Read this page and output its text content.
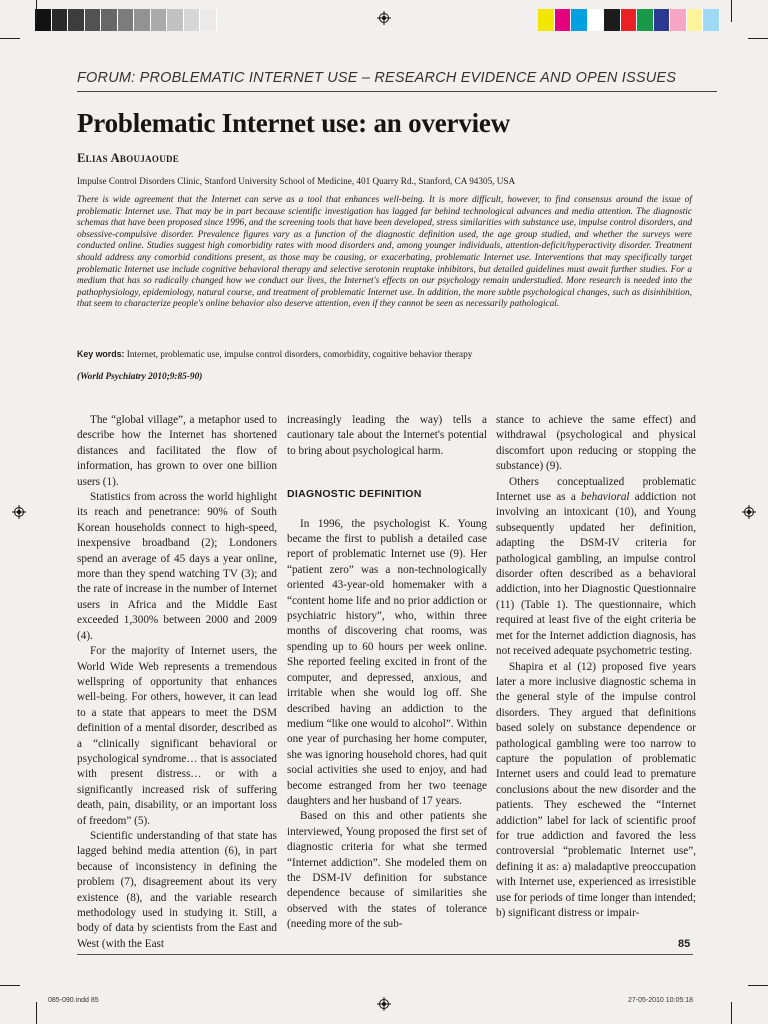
FORUM: PROBLEMATIC INTERNET USE – RESEARCH EVIDENCE AND OPEN ISSUES
Problematic Internet use: an overview
Elias Aboujaoude
Impulse Control Disorders Clinic, Stanford University School of Medicine, 401 Quarry Rd., Stanford, CA 94305, USA

There is wide agreement that the Internet can serve as a tool that enhances well-being. It is more difficult, however, to find consensus around the issue of problematic Internet use. That may be in part because scientific investigation has lagged far behind technological advances and media attention. The diagnostic schemas that have been proposed since 1996, and the screening tools that have been developed, stress similarities with substance use, impulse control disorders, and obsessive-compulsive disorder. Prevalence figures vary as a function of the diagnostic definition used, the age group studied, and whether the surveys were conducted online. Studies suggest high comorbidity rates with mood disorders and, among younger individuals, attention-deficit/hyperactivity disorder. Treatment should address any comorbid conditions present, as those may be causing, or exacerbating, problematic Internet use. Interventions that may specifically target problematic Internet use include cognitive behavioral therapy and selective serotonin reuptake inhibitors, but detailed guidelines must await further studies. For a medium that has so radically changed how we conduct our lives, the Internet's effects on our psychology remain understudied. More research is needed into the pathophysiology, epidemiology, natural course, and treatment of problematic Internet use. In addition, the more subtle psychological changes, such as disinhibition, that seem to characterize people's online behavior also deserve attention, even if they cannot be seen as necessarily pathological.

Key words: Internet, problematic use, impulse control disorders, comorbidity, cognitive behavior therapy
(World Psychiatry 2010;9:85-90)

The “global village”, a metaphor used to describe how the Internet has shortened distances and facilitated the flow of information, has grown to over one billion users (1).

Statistics from across the world highlight its reach and penetrance: 90% of South Korean households connect to high-speed, inexpensive broadband (2); Londoners spend an average of 45 days a year online, more than they spend watching TV (3); and the rate of increase in the number of Internet users in Africa and the Middle East exceeded 1,300% between 2000 and 2009 (4).

For the majority of Internet users, the World Wide Web represents a tremendous wellspring of opportunity that enhances well-being. For others, however, it can lead to a state that appears to meet the DSM definition of a mental disorder, described as a “clinically significant behavioral or psychological syndrome… that is associated with present distress… or with a significantly increased risk of suffering death, pain, disability, or an important loss of freedom” (5).

Scientific understanding of that state has lagged behind media attention (6), in part because of inconsistency in defining the problem (7), disagreement about its very existence (8), and the variable research methodology used in studying it. Still, a body of data by scientists from the East and West (with the East

increasingly leading the way) tells a cautionary tale about the Internet's potential to bring about psychological harm.

DIAGNOSTIC DEFINITION

In 1996, the psychologist K. Young became the first to publish a detailed case report of problematic Internet use (9). Her “patient zero” was a non-technologically oriented 43-year-old homemaker with a “content home life and no prior addiction or psychiatric history”, who, within three months of discovering chat rooms, was spending up to 60 hours per week online. She reported feeling excited in front of the computer, and depressed, anxious, and irritable when she would log off. She described having an addiction to the medium “like one would to alcohol”. Within one year of purchasing her home computer, she was ignoring household chores, had quit social activities she used to enjoy, and had become estranged from her two teenage daughters and her husband of 17 years.

Based on this and other patients she interviewed, Young proposed the first set of diagnostic criteria for what she termed “Internet addiction”. She modeled them on the DSM-IV definition for substance dependence because of similarities she observed with the states of tolerance (needing more of the sub-

stance to achieve the same effect) and withdrawal (psychological and physical discomfort upon reducing or stopping the substance) (9).

Others conceptualized problematic Internet use as a behavioral addiction not involving an intoxicant (10), and Young subsequently updated her definition, adapting the DSM-IV criteria for pathological gambling, an impulse control disorder often described as a behavioral addiction, into her Diagnostic Questionnaire (11) (Table 1). The questionnaire, which required at least five of the eight criteria be met for the Internet addiction diagnosis, has not received adequate psychometric testing.

Shapira et al (12) proposed five years later a more inclusive diagnostic schema in the general style of the impulse control disorders. They argued that definitions based solely on substance dependence or pathological gambling were too narrow to capture the population of problematic Internet users and could lead to premature conclusions about the new disorder and the patients. They eschewed the “Internet addiction” label for lack of scientific proof for true addiction and favored the less controversial “problematic Internet use”, defining it as: a) maladaptive preoccupation with Internet use, experienced as irresistible use for periods of time longer than intended; b) significant distress or impair-

85
085-090.indd 85	27-05-2010 10:05:18
